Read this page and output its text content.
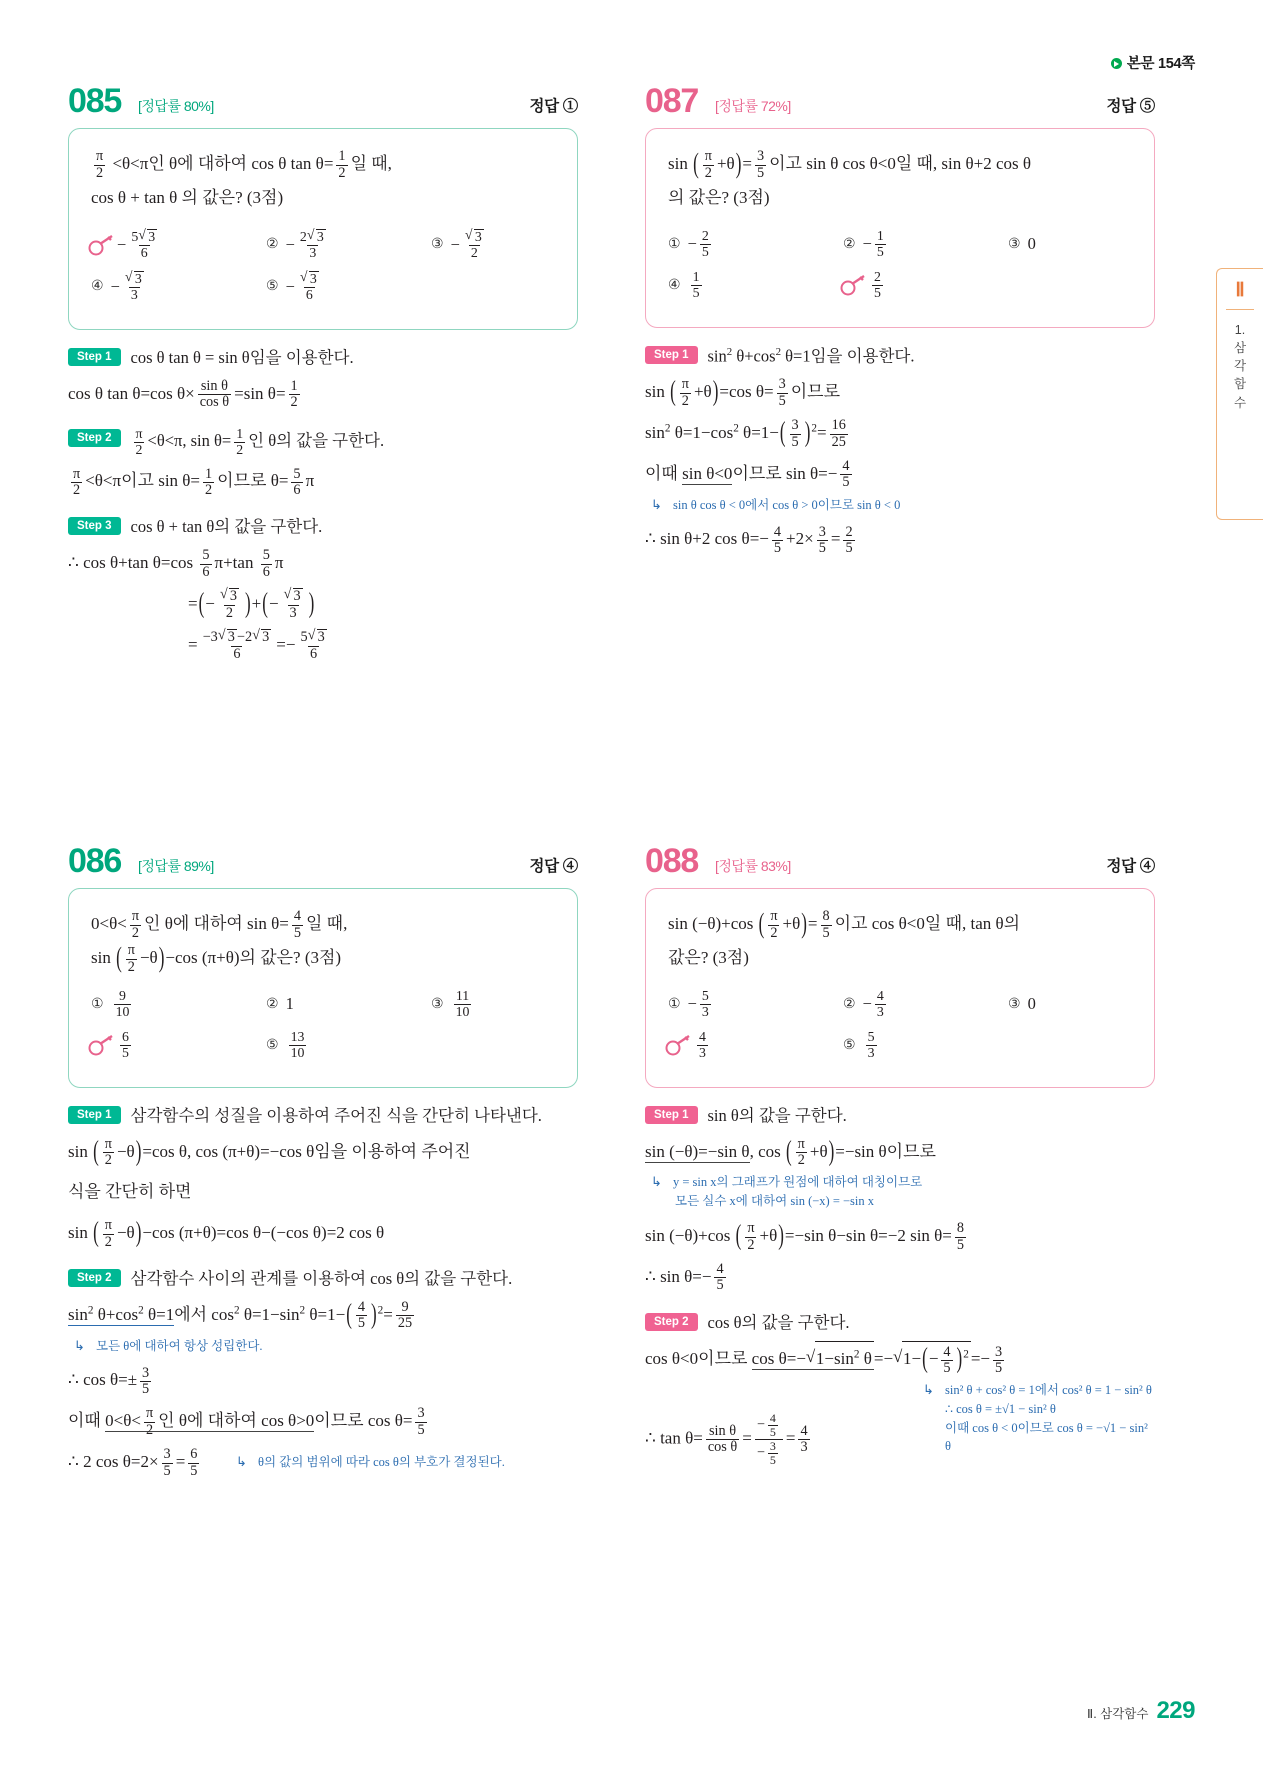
본문 154쪽
Ⅱ
1.
삼
각
함
수
085 [정답률 80%]	정답 ①
$\frac{\pi}{2} <\theta<\pi$인 θ에 대하여 cos θ $\tan \theta= \frac{1}{2}$ 일 때,
cos θ + tan θ 의 값은? (3점)
− $\frac{5 √ 3}{6}$	② − $\frac{2 √ 3}{3}$	③ − √ $\frac{3}{2}$
④ − √ $\frac{3}{3}$	⑤ − √ $\frac{3}{6}$
Step 1	cos θ tan θ = sin θ임을 이용한다.
cos θ tan θ=cos $\theta\times \frac{\text{sin θ}}{\text{cos θ}} =\sin$ $\theta= \frac{1}{2}$
Step 2	$\frac{\pi}{2} <\theta<\pi$, $\sin \theta= \frac{1}{2}$ 인 θ의 값을 구한다.
$\frac{\pi}{2} <\theta<\pi$이고 $\sin \theta= \frac{1}{2}$ 이므로 $\theta= \frac{5}{6}$ π
Step 3	cos θ + tan θ의 값을 구한다.
∴ cos θ+tan $\theta=\cos \frac{5}{6} \pi+\tan \frac{5}{6}$ π
=(− √ $\frac{3}{2}$ )+(− √ $\frac{3}{3}$ )
= $\frac{-3 √ 3 -2 √ 3}{6} =- \frac{5 √ 3}{6}$
086 [정답률 89%]	정답 ④
$0<\theta< \frac{\pi}{2}$ 인 θ에 대하여 $\sin \theta= \frac{4}{5}$ 일 때,
sin ( $\frac{\pi}{2} -\theta)-\cos$ (π+θ)의 값은? (3점)
① $\frac{9}{10}$	② 1	③ $\frac{11}{10}$
$\frac{6}{5}$	⑤ $\frac{13}{10}$
Step 1	삼각함수의 성질을 이용하여 주어진 식을 간단히 나타낸다.
sin ( $\frac{\pi}{2} -\theta)=\cos$ θ, cos (π+θ)=−cos θ임을 이용하여 주어진
식을 간단히 하면
sin ( $\frac{\pi}{2} -\theta)-\cos$ (π+θ)=cos θ−(−cos θ)=2 cos θ
Step 2	삼각함수 사이의 관계를 이용하여 cos θ의 값을 구한다.
$\sin^2 \theta+\cos^2$ θ=1에서 $\cos^2 \theta=1-\sin^2$ $\theta=1-( \frac{4}{5} )^2= \frac{9}{25}$
↳ 모든 θ에 대하여 항상 성립한다.
∴ $\cos \theta=\pm \frac{3}{5}$
이때 $0<\theta< \frac{\pi}{2}$ 인 θ에 대하여 cos θ>0이므로 $\cos \theta= \frac{3}{5}$
∴ 2 $\cos \theta=2\times \frac{3}{5} = \frac{6}{5}$	↳ θ의 값의 범위에 따라 cos θ의 부호가 결정된다.
087 [정답률 72%]	정답 ⑤
sin ( $\frac{\pi}{2} +\theta)= \frac{3}{5}$ 이고 sin θ cos θ<0일 때, sin θ+2 cos θ
의 값은? (3점)
① − $\frac{2}{5}$	② − $\frac{1}{5}$	③ 0
④ $\frac{1}{5}$	$\frac{2}{5}$
Step 1	$\sin^2 \theta+\cos^2$ θ=1임을 이용한다.
sin ( $\frac{\pi}{2} +\theta)=\cos$ $\theta= \frac{3}{5}$ 이므로
$\sin^2 \theta=1-\cos^2$ $\theta=1-( \frac{3}{5} )^2= \frac{16}{25}$
이때 sin θ<0이므로 $\sin \theta=- \frac{4}{5}$
↳ sin θ cos θ < 0에서 cos θ > 0이므로 sin θ < 0
∴ sin θ+2 $\cos \theta=- \frac{4}{5} +2\times \frac{3}{5} = \frac{2}{5}$
088 [정답률 83%]	정답 ④
sin (−θ)+cos ( $\frac{\pi}{2} +\theta)= \frac{8}{5}$ 이고 cos θ<0일 때, tan θ의
값은? (3점)
① − $\frac{5}{3}$	② − $\frac{4}{3}$	③ 0
$\frac{4}{3}$	⑤ $\frac{5}{3}$
Step 1	sin θ의 값을 구한다.
sin (−θ)=−sin θ, cos ( $\frac{\pi}{2} +\theta)=-\sin$ θ이므로
↳ y = sin x의 그래프가 원점에 대하여 대칭이므로
모든 실수 x에 대하여 sin (−x) = −sin x
sin (−θ)+cos ( $\frac{\pi}{2} +\theta)=-\sin$ θ−sin θ=−2 $\sin \theta= \frac{8}{5}$
∴ $\sin \theta=- \frac{4}{5}$
Step 2	cos θ의 값을 구한다.
cos θ<0이므로 cos θ=− √ $1-\sin^2$ θ =− √ $1-(- \frac{4}{5} )^2 =- \frac{3}{5}$
↳ sin² θ + cos² θ = 1에서 cos² θ = 1 − sin² θ
∴ cos θ = ±√1 − sin² θ
이때 cos θ < 0이므로 cos θ = −√1 − sin² θ
∴ $\tan \theta= \frac{\text{sin θ}}{\text{cos θ}} = \frac{- \frac{4}{5}}{- \frac{3}{5}} = \frac{4}{3}$
Ⅱ. 삼각함수 229
